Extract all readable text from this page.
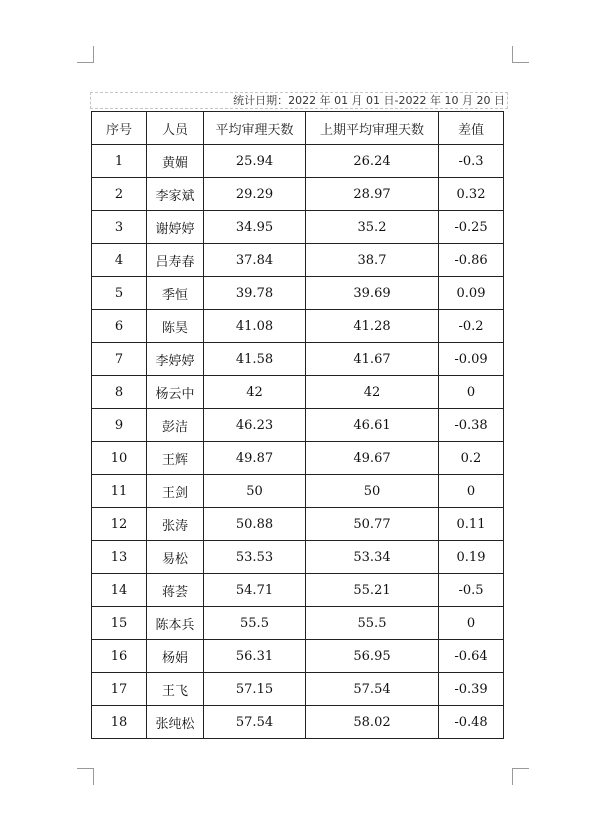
统计日期：2022 年 01 月 01 日-2022 年 10 月 20 日
序号	人员	平均审理天数	上期平均审理天数	差值
1	黄媚	25.94	26.24	-0.3
2	李家斌	29.29	28.97	0.32
3	谢婷婷	34.95	35.2	-0.25
4	吕寿春	37.84	38.7	-0.86
5	季恒	39.78	39.69	0.09
6	陈昊	41.08	41.28	-0.2
7	李婷婷	41.58	41.67	-0.09
8	杨云中	42	42	0
9	彭洁	46.23	46.61	-0.38
10	王辉	49.87	49.67	0.2
11	王剑	50	50	0
12	张涛	50.88	50.77	0.11
13	易松	53.53	53.34	0.19
14	蒋荟	54.71	55.21	-0.5
15	陈本兵	55.5	55.5	0
16	杨娟	56.31	56.95	-0.64
17	王飞	57.15	57.54	-0.39
18	张纯松	57.54	58.02	-0.48
